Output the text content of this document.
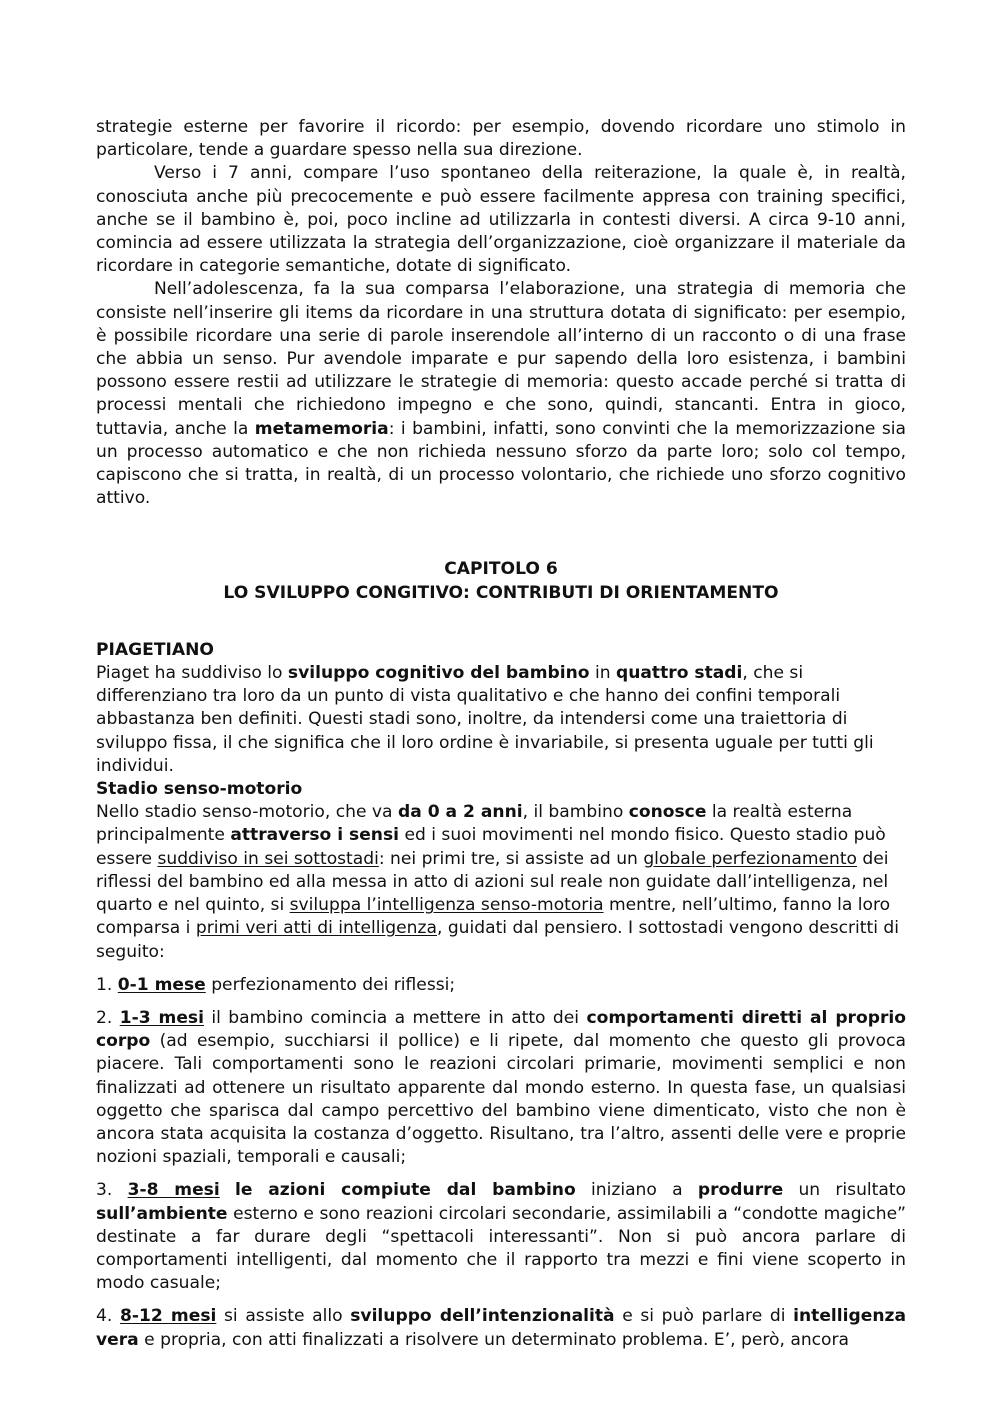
strategie esterne per favorire il ricordo: per esempio, dovendo ricordare uno stimolo in particolare, tende a guardare spesso nella sua direzione.

Verso i 7 anni, compare l’uso spontaneo della reiterazione, la quale è, in realtà, conosciuta anche più precocemente e può essere facilmente appresa con training specifici, anche se il bambino è, poi, poco incline ad utilizzarla in contesti diversi. A circa 9-10 anni, comincia ad essere utilizzata la strategia dell’organizzazione, cioè organizzare il materiale da ricordare in categorie semantiche, dotate di significato.

Nell’adolescenza, fa la sua comparsa l’elaborazione, una strategia di memoria che consiste nell’inserire gli items da ricordare in una struttura dotata di significato: per esempio, è possibile ricordare una serie di parole inserendole all’interno di un racconto o di una frase che abbia un senso. Pur avendole imparate e pur sapendo della loro esistenza, i bambini possono essere restii ad utilizzare le strategie di memoria: questo accade perché si tratta di processi mentali che richiedono impegno e che sono, quindi, stancanti. Entra in gioco, tuttavia, anche la metamemoria: i bambini, infatti, sono convinti che la memorizzazione sia un processo automatico e che non richieda nessuno sforzo da parte loro; solo col tempo, capiscono che si tratta, in realtà, di un processo volontario, che richiede uno sforzo cognitivo attivo.

CAPITOLO 6

LO SVILUPPO CONGITIVO: CONTRIBUTI DI ORIENTAMENTO

PIAGETIANO

Piaget ha suddiviso lo sviluppo cognitivo del bambino in quattro stadi, che si differenziano tra loro da un punto di vista qualitativo e che hanno dei confini temporali abbastanza ben definiti. Questi stadi sono, inoltre, da intendersi come una traiettoria di sviluppo fissa, il che significa che il loro ordine è invariabile, si presenta uguale per tutti gli individui.

Stadio senso-motorio

Nello stadio senso-motorio, che va da 0 a 2 anni, il bambino conosce la realtà esterna principalmente attraverso i sensi ed i suoi movimenti nel mondo fisico. Questo stadio può essere suddiviso in sei sottostadi: nei primi tre, si assiste ad un globale perfezionamento dei riflessi del bambino ed alla messa in atto di azioni sul reale non guidate dall’intelligenza, nel quarto e nel quinto, si sviluppa l’intelligenza senso-motoria mentre, nell’ultimo, fanno la loro comparsa i primi veri atti di intelligenza, guidati dal pensiero. I sottostadi vengono descritti di seguito:

1. 0-1 mese perfezionamento dei riflessi;

2. 1-3 mesi il bambino comincia a mettere in atto dei comportamenti diretti al proprio corpo (ad esempio, succhiarsi il pollice) e li ripete, dal momento che questo gli provoca piacere. Tali comportamenti sono le reazioni circolari primarie, movimenti semplici e non finalizzati ad ottenere un risultato apparente dal mondo esterno. In questa fase, un qualsiasi oggetto che sparisca dal campo percettivo del bambino viene dimenticato, visto che non è ancora stata acquisita la costanza d’oggetto. Risultano, tra l’altro, assenti delle vere e proprie nozioni spaziali, temporali e causali;

3. 3-8 mesi le azioni compiute dal bambino iniziano a produrre un risultato sull’ambiente esterno e sono reazioni circolari secondarie, assimilabili a “condotte magiche” destinate a far durare degli “spettacoli interessanti”. Non si può ancora parlare di comportamenti intelligenti, dal momento che il rapporto tra mezzi e fini viene scoperto in modo casuale;

4. 8-12 mesi si assiste allo sviluppo dell’intenzionalità e si può parlare di intelligenza vera e propria, con atti finalizzati a risolvere un determinato problema. E’, però, ancora
